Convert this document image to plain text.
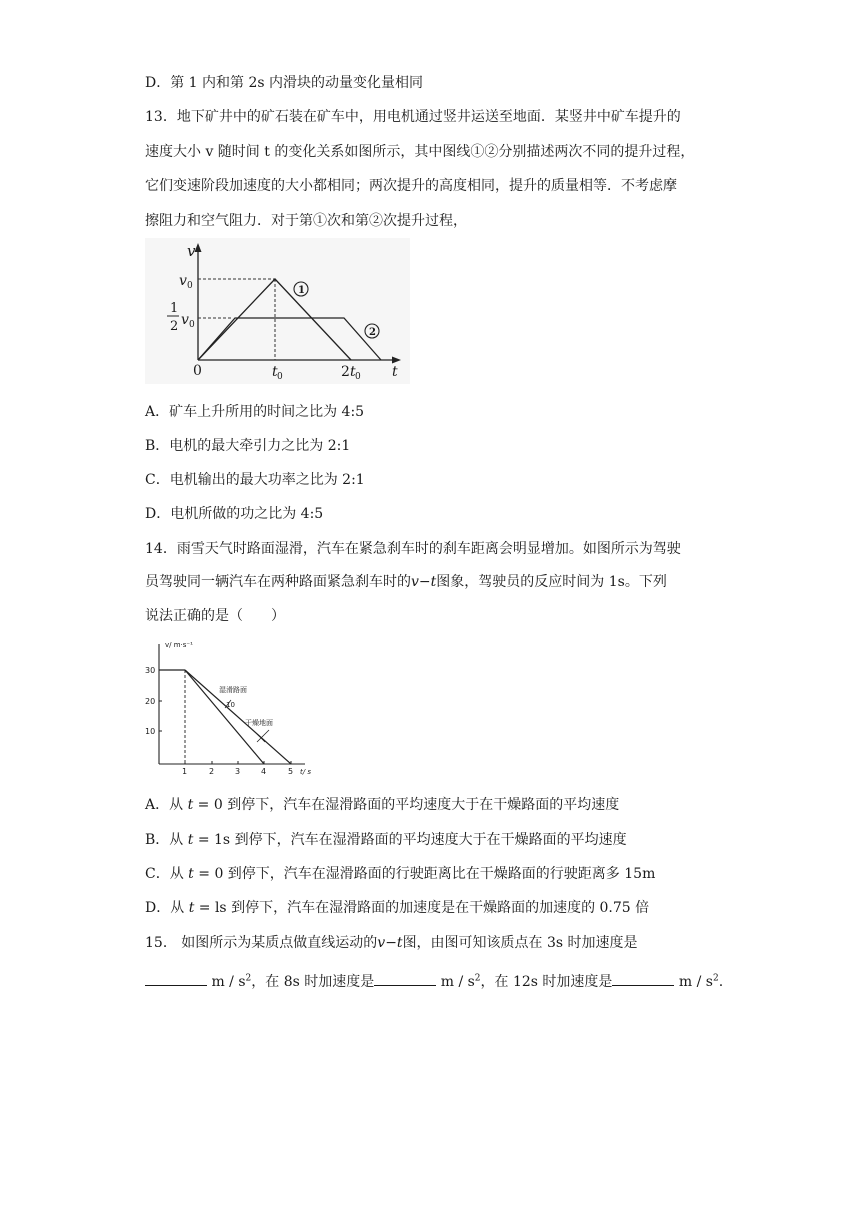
D．第 1 内和第 2s 内滑块的动量变化量相同
13．地下矿井中的矿石装在矿车中，用电机通过竖井运送至地面．某竖井中矿车提升的
速度大小 v 随时间 t 的变化关系如图所示，其中图线①②分别描述两次不同的提升过程，
它们变速阶段加速度的大小都相同；两次提升的高度相同，提升的质量相等．不考虑摩
擦阻力和空气阻力．对于第①次和第②次提升过程，
v
v 0
1
2 v 0
0	t 0	2 t 0 t
1
2
A．矿车上升所用的时间之比为 4:5
B．电机的最大牵引力之比为 2:1
C．电机输出的最大功率之比为 2:1
D．电机所做的功之比为 4:5
14．雨雪天气时路面湿滑，汽车在紧急刹车时的刹车距离会明显增加。如图所示为驾驶
员驾驶同一辆汽车在两种路面紧急刹车时的v−t图象，驾驶员的反应时间为 1s。下列
说法正确的是（　　）
v/ m·s⁻¹
30
20
10
1	2	3	4	5 t/ s
湿滑路面
10
干燥地面
A．从 t = 0 到停下，汽车在湿滑路面的平均速度大于在干燥路面的平均速度
B．从 t = 1s 到停下，汽车在湿滑路面的平均速度大于在干燥路面的平均速度
C．从 t = 0 到停下，汽车在湿滑路面的行驶距离比在干燥路面的行驶距离多 15m
D．从 t = ls 到停下，汽车在湿滑路面的加速度是在干燥路面的加速度的 0.75 倍
15． 如图所示为某质点做直线运动的v−t图，由图可知该质点在 3s 时加速度是
m / $s^2$，在 8s 时加速度是	m / $s^2$，在 12s 时加速度是	m / $s^2$.
